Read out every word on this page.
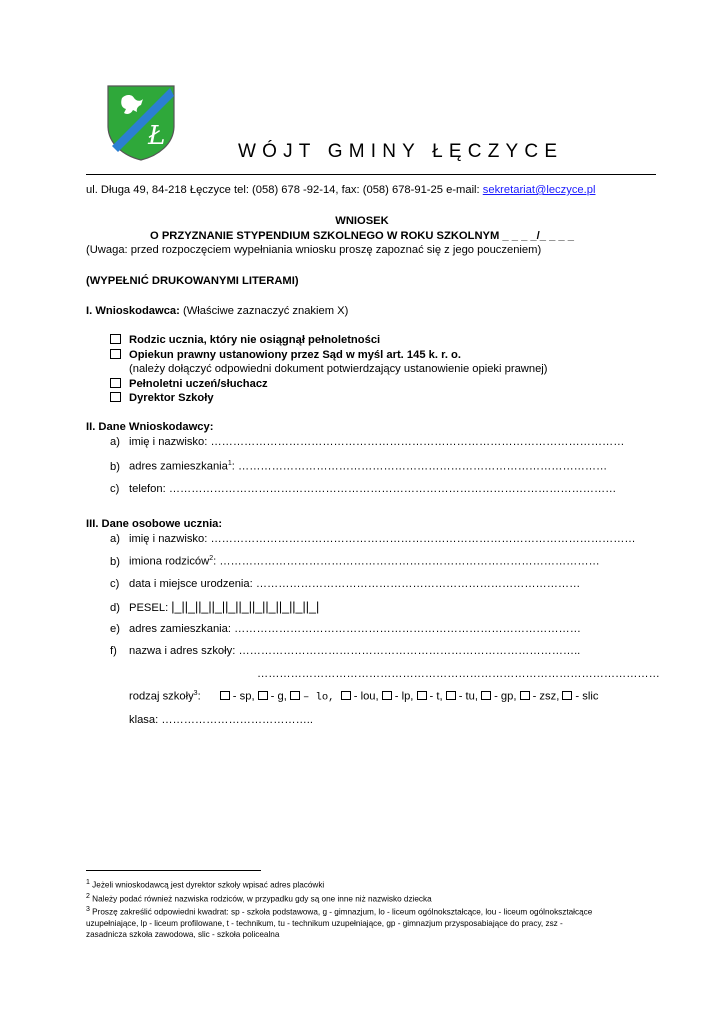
Ł
WÓJT GMINY ŁĘCZYCE
ul. Długa 49, 84-218 Łęczyce tel: (058) 678 -92-14, fax: (058) 678-91-25 e-mail: sekretariat@leczyce.pl
WNIOSEK
O PRZYZNANIE STYPENDIUM SZKOLNEGO W ROKU SZKOLNYM _ _ _ _/_ _ _ _
(Uwaga: przed rozpoczęciem wypełniania wniosku proszę zapoznać się z jego pouczeniem)
(WYPEŁNIĆ DRUKOWANYMI LITERAMI)
I. Wnioskodawca: (Właściwe zaznaczyć znakiem X)
Rodzic ucznia, który nie osiągnął pełnoletności
Opiekun prawny ustanowiony przez Sąd w myśl art. 145 k. r. o.
(należy dołączyć odpowiedni dokument potwierdzający ustanowienie opieki prawnej)
Pełnoletni uczeń/słuchacz
Dyrektor Szkoły
II. Dane Wnioskodawcy:
a) imię i nazwisko: …………………………………………………………………………………………………
b) adres zamieszkania$^1$: ………………………………………………………………………………………
c) telefon: …………………………………………………………………………………………………………
III. Dane osobowe ucznia:
a) imię i nazwisko: ……………………………………………………………………………………………………
b) imiona rodziców$^2$: …………………………………………………………………………………………
c) data i miejsce urodzenia: ……………………………………………………………………………
d) PESEL: |_||_||_||_||_||_||_||_||_||_||_|
e) adres zamieszkania: …………………………………………………………………………………
f) nazwa i adres szkoły: ………………………………………………………………………………..
………………………………………………………………………………………………
rodzaj szkoły$^3$:	- sp, - g, – lo, - lou, - lp, - t, - tu, - gp, - zsz, - slic
klasa: …………………………………..
$^1$ Jeżeli wnioskodawcą jest dyrektor szkoły wpisać adres placówki
$^2$ Należy podać również nazwiska rodziców, w przypadku gdy są one inne niż nazwisko dziecka
$^3$ Proszę zakreślić odpowiedni kwadrat: sp - szkoła podstawowa, g - gimnazjum, lo - liceum ogólnokształcące, lou - liceum ogólnokształcące
uzupełniające, lp - liceum profilowane, t - technikum, tu - technikum uzupełniające, gp - gimnazjum przysposabiające do pracy, zsz -
zasadnicza szkoła zawodowa, slic - szkoła policealna
